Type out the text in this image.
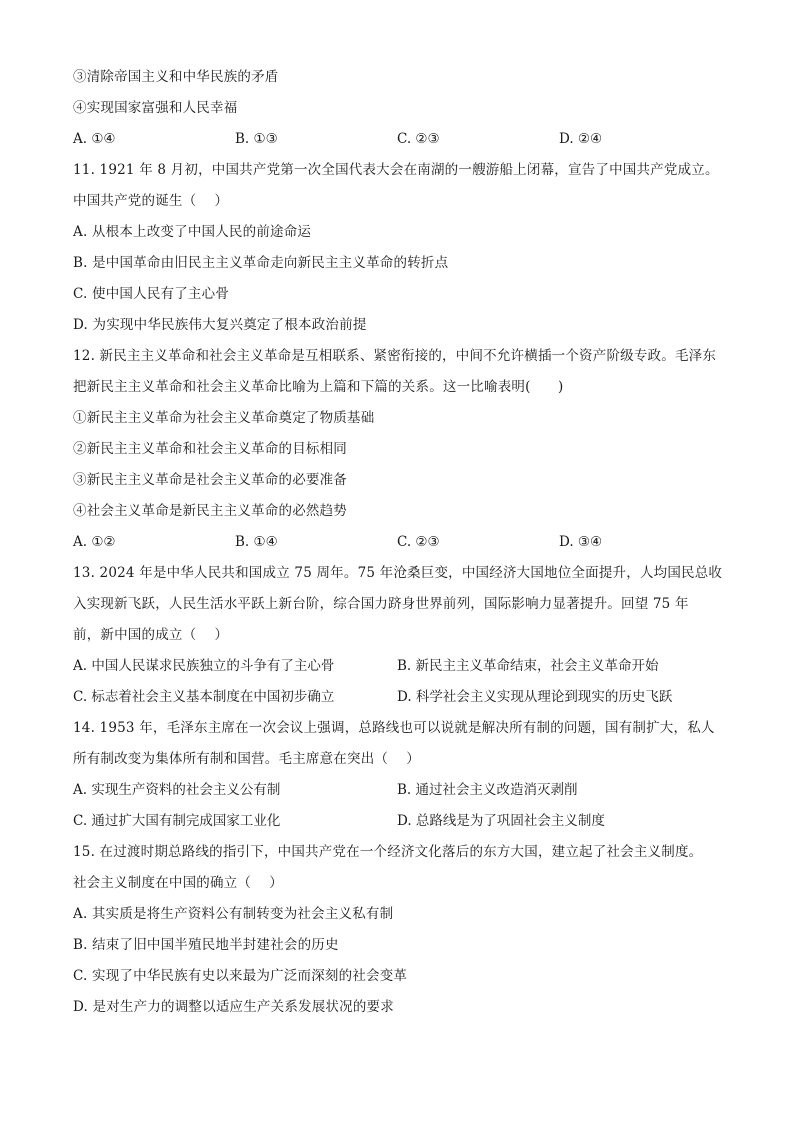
③清除帝国主义和中华民族的矛盾
④实现国家富强和人民幸福
A. ①④	B. ①③	C. ②③	D. ②④
11. 1921 年 8 月初，中国共产党第一次全国代表大会在南湖的一艘游船上闭幕，宣告了中国共产党成立。
中国共产党的诞生（　 ）
A. 从根本上改变了中国人民的前途命运
B. 是中国革命由旧民主主义革命走向新民主主义革命的转折点
C. 使中国人民有了主心骨
D. 为实现中华民族伟大复兴奠定了根本政治前提
12. 新民主主义革命和社会主义革命是互相联系、紧密衔接的，中间不允许横插一个资产阶级专政。毛泽东
把新民主主义革命和社会主义革命比喻为上篇和下篇的关系。这一比喻表明(　　)
①新民主主义革命为社会主义革命奠定了物质基础
②新民主主义革命和社会主义革命的目标相同
③新民主主义革命是社会主义革命的必要准备
④社会主义革命是新民主主义革命的必然趋势
A. ①②	B. ①④	C. ②③	D. ③④
13. 2024 年是中华人民共和国成立 75 周年。75 年沧桑巨变，中国经济大国地位全面提升，人均国民总收
入实现新飞跃，人民生活水平跃上新台阶，综合国力跻身世界前列，国际影响力显著提升。回望 75 年
前，新中国的成立（　 ）
A. 中国人民谋求民族独立的斗争有了主心骨	B. 新民主主义革命结束，社会主义革命开始
C. 标志着社会主义基本制度在中国初步确立	D. 科学社会主义实现从理论到现实的历史飞跃
14. 1953 年，毛泽东主席在一次会议上强调，总路线也可以说就是解决所有制的问题，国有制扩大，私人
所有制改变为集体所有制和国营。毛主席意在突出（　 ）
A. 实现生产资料的社会主义公有制	B. 通过社会主义改造消灭剥削
C. 通过扩大国有制完成国家工业化	D. 总路线是为了巩固社会主义制度
15. 在过渡时期总路线的指引下，中国共产党在一个经济文化落后的东方大国，建立起了社会主义制度。
社会主义制度在中国的确立（　 ）
A. 其实质是将生产资料公有制转变为社会主义私有制
B. 结束了旧中国半殖民地半封建社会的历史
C. 实现了中华民族有史以来最为广泛而深刻的社会变革
D. 是对生产力的调整以适应生产关系发展状况的要求
